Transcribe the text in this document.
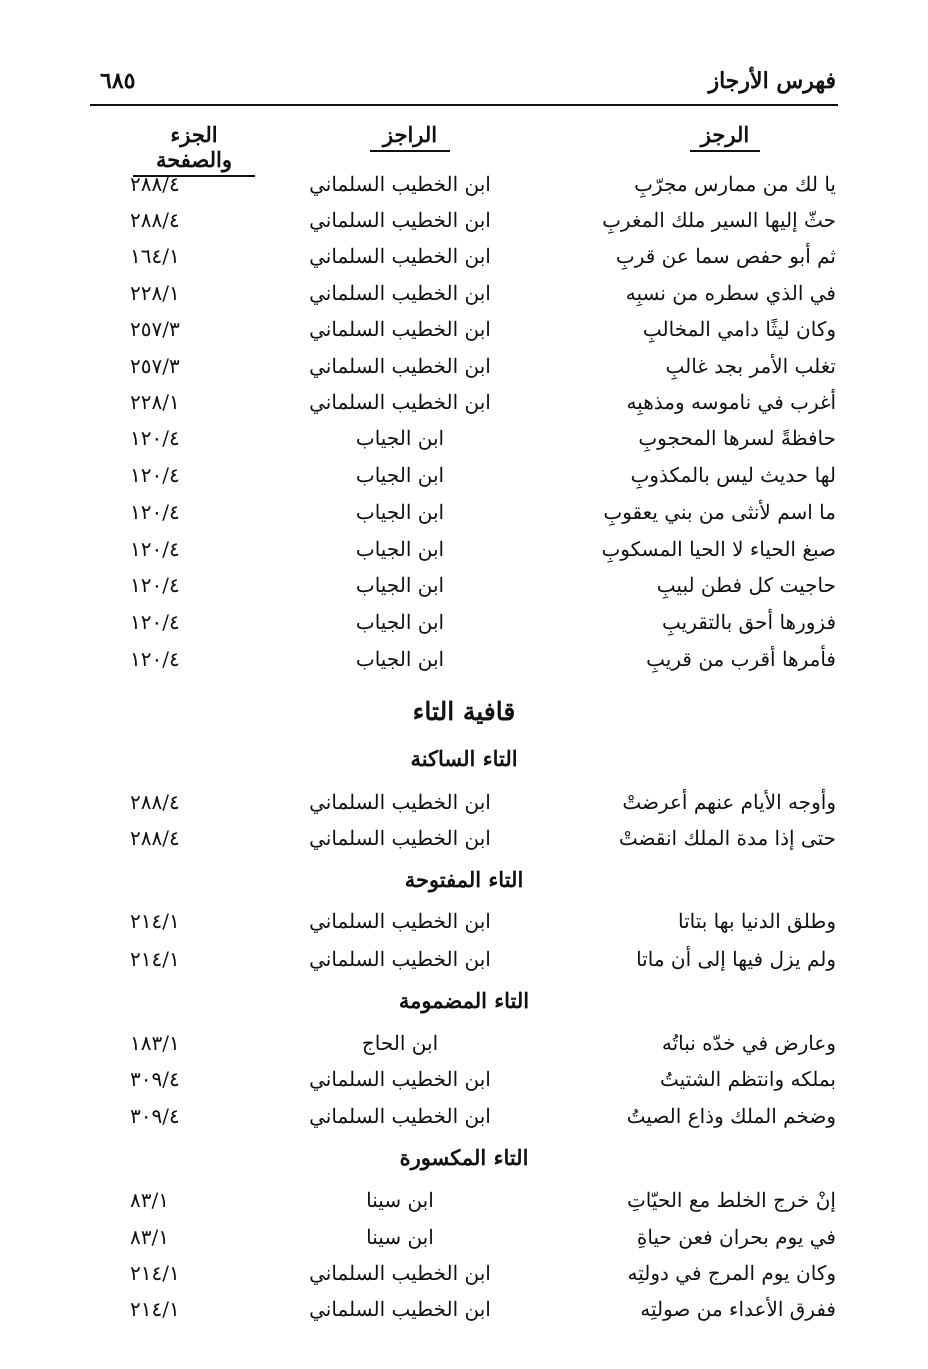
فهرس الأرجاز
٦٨٥
الرجز
الراجز
الجزء والصفحة
يا لك من ممارس مجرّبِ
ابن الخطيب السلماني
٢٨٨/٤
حثّ إليها السير ملك المغربِ
ابن الخطيب السلماني
٢٨٨/٤
ثم أبو حفص سما عن قربِ
ابن الخطيب السلماني
١٦٤/١
في الذي سطره من نسبِه
ابن الخطيب السلماني
٢٢٨/١
وكان ليثًا دامي المخالبِ
ابن الخطيب السلماني
٢٥٧/٣
تغلب الأمر بجد غالبِ
ابن الخطيب السلماني
٢٥٧/٣
أغرب في ناموسه ومذهبِه
ابن الخطيب السلماني
٢٢٨/١
حافظةً لسرها المحجوبِ
ابن الجياب
١٢٠/٤
لها حديث ليس بالمكذوبِ
ابن الجياب
١٢٠/٤
ما اسم لأنثى من بني يعقوبِ
ابن الجياب
١٢٠/٤
صبغ الحياء لا الحيا المسكوبِ
ابن الجياب
١٢٠/٤
حاجيت كل فطن لبيبِ
ابن الجياب
١٢٠/٤
فزورها أحق بالتقريبِ
ابن الجياب
١٢٠/٤
فأمرها أقرب من قريبِ
ابن الجياب
١٢٠/٤
قافية التاء
التاء الساكنة
وأوجه الأيام عنهم أعرضتْ
ابن الخطيب السلماني
٢٨٨/٤
حتى إذا مدة الملك انقضتْ
ابن الخطيب السلماني
٢٨٨/٤
التاء المفتوحة
وطلق الدنيا بها بتاتا
ابن الخطيب السلماني
٢١٤/١
ولم يزل فيها إلى أن ماتا
ابن الخطيب السلماني
٢١٤/١
التاء المضمومة
وعارض في خدّه نباتُه
ابن الحاج
١٨٣/١
بملكه وانتظم الشتيتُ
ابن الخطيب السلماني
٣٠٩/٤
وضخم الملك وذاع الصيتُ
ابن الخطيب السلماني
٣٠٩/٤
التاء المكسورة
إنْ خرج الخلط مع الحيّاتِ
ابن سينا
٨٣/١
في يوم بحران فعن حياةِ
ابن سينا
٨٣/١
وكان يوم المرج في دولتِه
ابن الخطيب السلماني
٢١٤/١
ففرق الأعداء من صولتِه
ابن الخطيب السلماني
٢١٤/١
